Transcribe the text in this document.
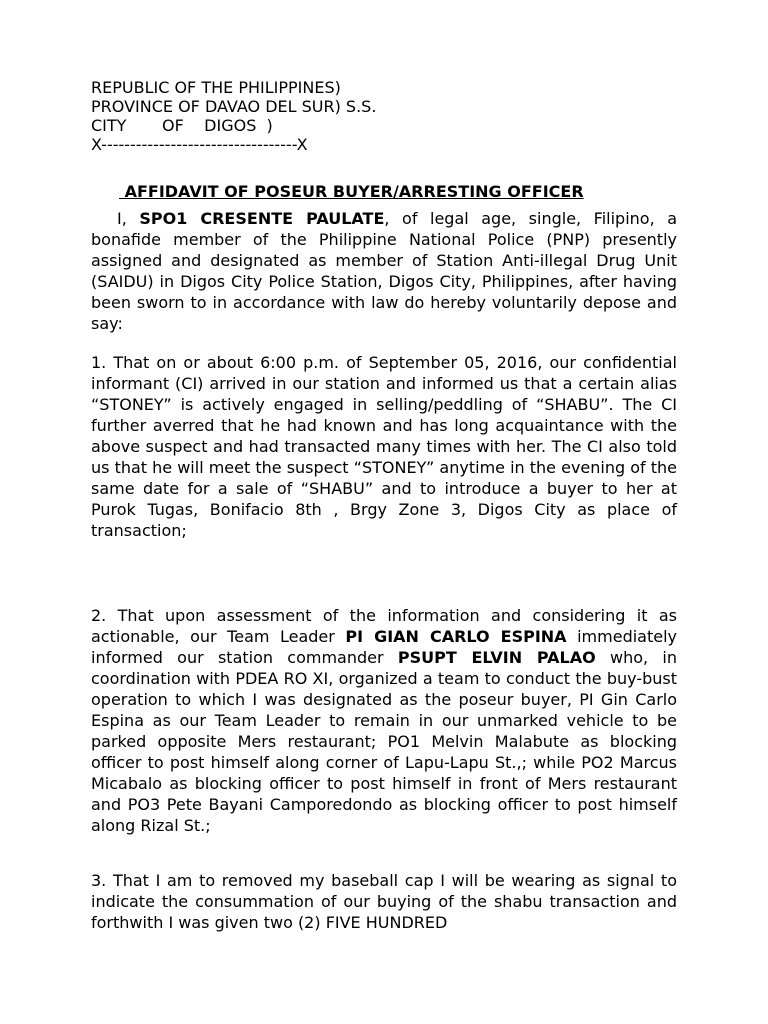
REPUBLIC OF THE PHILIPPINES)
PROVINCE OF DAVAO DEL SUR) S.S.
CITY       OF    DIGOS  )
X----------------------------------X
AFFIDAVIT OF POSEUR BUYER/ARRESTING OFFICER

I, SPO1 CRESENTE PAULATE, of legal age, single, Filipino, a bonafide member of the Philippine National Police (PNP) presently assigned and designated as member of Station Anti-illegal Drug Unit (SAIDU) in Digos City Police Station, Digos City, Philippines, after having been sworn to in accordance with law do hereby voluntarily depose and say:

1. That on or about 6:00 p.m. of September 05, 2016, our confidential informant (CI) arrived in our station and informed us that a certain alias “STONEY” is actively engaged in selling/peddling of “SHABU”. The CI further averred that he had known and has long acquaintance with the above suspect and had transacted many times with her. The CI also told us that he will meet the suspect “STONEY” anytime in the evening of the same date for a sale of “SHABU” and to introduce a buyer to her at Purok Tugas, Bonifacio 8th , Brgy Zone 3, Digos City as place of transaction;

2. That upon assessment of the information and considering it as actionable, our Team Leader PI GIAN CARLO ESPINA immediately informed our station commander PSUPT ELVIN PALAO who, in coordination with PDEA RO XI, organized a team to conduct the buy-bust operation to which I was designated as the poseur buyer, PI Gin Carlo Espina as our Team Leader to remain in our unmarked vehicle to be parked opposite Mers restaurant; PO1 Melvin Malabute as blocking officer to post himself along corner of Lapu-Lapu St.,; while PO2 Marcus Micabalo as blocking officer to post himself in front of Mers restaurant and PO3 Pete Bayani Camporedondo as blocking officer to post himself along Rizal St.;

3. That I am to removed my baseball cap I will be wearing as signal to indicate the consummation of our buying of the shabu transaction and forthwith I was given two (2) FIVE HUNDRED
